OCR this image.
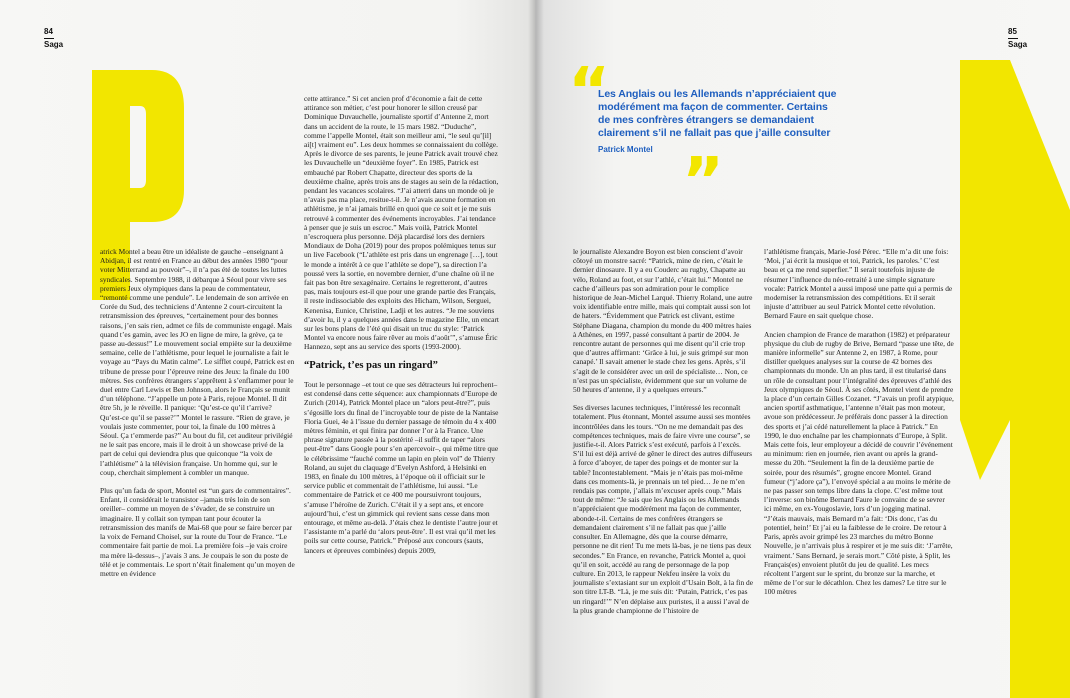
84
Saga

atrick Montel a beau être un idéaliste de gauche –enseignant à Abidjan, il est rentré en France au début des années 1980 “pour voter Mitterrand au pouvoir”–, il n’a pas été de toutes les luttes syndicales. Septembre 1988, il débarque à Séoul pour vivre ses premiers Jeux olympiques dans la peau de commentateur, “remonté comme une pendule”. Le lendemain de son arrivée en Corée du Sud, des techniciens d’Antenne 2 court-circuitent la retransmission des épreuves, “certainement pour des bonnes raisons, j’en sais rien, admet ce fils de communiste engagé. Mais quand t’es gamin, avec les JO en ligne de mire, la grève, ça te passe au-dessus!” Le mouvement social empiète sur la deuxième semaine, celle de l’athlétisme, pour lequel le journaliste a fait le voyage au “Pays du Matin calme”. Le sifflet coupé, Patrick est en tribune de presse pour l’épreuve reine des Jeux: la finale du 100 mètres. Ses confrères étrangers s’apprêtent à s’enflammer pour le duel entre Carl Lewis et Ben Johnson, alors le Français se munit d’un téléphone. “J’appelle un pote à Paris, rejoue Montel. Il dit être 5h, je le réveille. Il panique: ‘Qu’est-ce qu’il t’arrive? Qu’est-ce qu’il se passe?’” Montel le rassure. “Rien de grave, je voulais juste commenter, pour toi, la finale du 100 mètres à Séoul. Ça t’emmerde pas?” Au bout du fil, cet auditeur privilégié ne le sait pas encore, mais il le droit à un showcase privé de la part de celui qui deviendra plus que quiconque “la voix de l’athlétisme” à la télévision française. Un homme qui, sur le coup, cherchait simplement à combler un manque.

Plus qu’un fada de sport, Montel est “un gars de commentaires”. Enfant, il considérait le transistor –jamais très loin de son oreiller– comme un moyen de s’évader, de se construire un imaginaire. Il y collait son tympan tant pour écouter la retransmission des manifs de Mai-68 que pour se faire bercer par la voix de Fernand Choisel, sur la route du Tour de France. “Le commentaire fait partie de moi. La première fois –je vais croire ma mère là-dessus–, j’avais 3 ans. Je coupais le son du poste de télé et je commentais. Le sport n’était finalement qu’un moyen de mettre en évidence

cette attirance.” Si cet ancien prof d’économie a fait de cette attirance son métier, c’est pour honorer le sillon creusé par Dominique Duvauchelle, journaliste sportif d’Antenne 2, mort dans un accident de la route, le 15 mars 1982. “Duduche”, comme l’appelle Montel, était son meilleur ami, “le seul qu’[il] ai[t] vraiment eu”. Les deux hommes se connaissaient du collège. Après le divorce de ses parents, le jeune Patrick avait trouvé chez les Duvauchelle un “deuxième foyer”. En 1985, Patrick est embauché par Robert Chapatte, directeur des sports de la deuxième chaîne, après trois ans de stages au sein de la rédaction, pendant les vacances scolaires. “J’ai atterri dans un monde où je n’avais pas ma place, resitue-t-il. Je n’avais aucune formation en athlétisme, je n’ai jamais brillé en quoi que ce soit et je me suis retrouvé à commenter des événements incroyables. J’ai tendance à penser que je suis un escroc.” Mais voilà, Patrick Montel n’escroquera plus personne. Déjà placardisé lors des derniers Mondiaux de Doha (2019) pour des propos polémiques tenus sur un live Facebook (“L’athlète est pris dans un engrenage […], tout le monde a intérêt à ce que l’athlète se dope”), sa direction l’a poussé vers la sortie, en novembre dernier, d’une chaîne où il ne fait pas bon être sexagénaire. Certains le regretteront, d’autres pas, mais toujours est-il que pour une grande partie des Français, il reste indissociable des exploits des Hicham, Wilson, Serguei, Kenenisa, Eunice, Christine, Ladji et les autres. “Je me souviens d’avoir lu, il y a quelques années dans le magazine Elle, un encart sur les bons plans de l’été qui disait un truc du style: ‘Patrick Montel va encore nous faire rêver au mois d’août’”, s’amuse Éric Hannezo, sept ans au service des sports (1993-2000).

“Patrick, t’es pas un ringard”

Tout le personnage –et tout ce que ses détracteurs lui reprochent– est condensé dans cette séquence: aux championnats d’Europe de Zurich (2014), Patrick Montel place un “alors peut-être?”, puis s’égosille lors du final de l’incroyable tour de piste de la Nantaise Floria Guei, 4e à l’issue du dernier passage de témoin du 4 x 400 mètres féminin, et qui finira par donner l’or à la France. Une phrase signature passée à la postérité –il suffit de taper “alors peut-être” dans Google pour s’en apercevoir–, qui même titre que le célébrissime “fauché comme un lapin en plein vol” de Thierry Roland, au sujet du claquage d’Evelyn Ashford, à Helsinki en 1983, en finale du 100 mètres, à l’époque où il officiait sur le service public et commentait de l’athlétisme, lui aussi. “Le commentaire de Patrick et ce 400 me poursuivront toujours, s’amuse l’héroïne de Zurich. C’était il y a sept ans, et encore aujourd’hui, c’est un gimmick qui revient sans cesse dans mon entourage, et même au-delà. J’étais chez le dentiste l’autre jour et l’assistante m’a parlé du ‘alors peut-être’. Il est vrai qu’il met les poils sur cette course, Patrick.” Préposé aux concours (sauts, lancers et épreuves combinées) depuis 2009,

85
Saga
“
Les Anglais ou les Allemands n’appréciaient que modérément ma façon de commenter. Certains de mes confrères étrangers se demandaient clairement s’il ne fallait pas que j’aille consulter
Patrick Montel ”

le journaliste Alexandre Boyon est bien conscient d’avoir côtoyé un monstre sacré: “Patrick, mine de rien, c’était le dernier dinosaure. Il y a eu Couderc au rugby, Chapatte au vélo, Roland au foot, et sur l’athlé, c’était lui.” Montel ne cache d’ailleurs pas son admiration pour le complice historique de Jean-Michel Larqué. Thierry Roland, une autre voix identifiable entre mille, mais qui comptait aussi son lot de haters. “Évidemment que Patrick est clivant, estime Stéphane Diagana, champion du monde du 400 mètres haies à Athènes, en 1997, passé consultant à partir de 2004. Je rencontre autant de personnes qui me disent qu’il crie trop que d’autres affirmant: ‘Grâce à lui, je suis grimpé sur mon canapé.’ Il savait amener le stade chez les gens. Après, s’il s’agit de le considérer avec un œil de spécialiste… Non, ce n’est pas un spécialiste, évidemment que sur un volume de 50 heures d’antenne, il y a quelques erreurs.”

Ses diverses lacunes techniques, l’intéressé les reconnaît totalement. Plus étonnant, Montel assume aussi ses montées incontrôlées dans les tours. “On ne me demandait pas des compétences techniques, mais de faire vivre une course”, se justifie-t-il. Alors Patrick s’est exécuté, parfois à l’excès. S’il lui est déjà arrivé de gêner le direct des autres diffuseurs à force d’aboyer, de taper des poings et de monter sur la table? Incontestablement. “Mais je n’étais pas moi-même dans ces moments-là, je prennais un tel pied… Je ne m’en rendais pas compte, j’allais m’excuser après coup.” Mais tout de même: “Je sais que les Anglais ou les Allemands n’appréciaient que modérément ma façon de commenter, abonde-t-il. Certains de mes confrères étrangers se demandaient clairement s’il ne fallait pas que j’aille consulter. En Allemagne, dès que la course démarre, personne ne dit rien! Tu me mets là-bas, je ne tiens pas deux secondes.” En France, en revanche, Patrick Montel a, quoi qu’il en soit, accédé au rang de personnage de la pop culture. En 2013, le rappeur Nekfeu insère la voix du journaliste s’extasiant sur un exploit d’Usain Bolt, à la fin de son titre LT-B. “Là, je me suis dit: ‘Putain, Patrick, t’es pas un ringard!’” N’en déplaise aux puristes, il a aussi l’aval de la plus grande championne de l’histoire de

l’athlétisme français, Marie-José Pérec. “Elle m’a dit une fois: ‘Moi, j’ai écrit la musique et toi, Patrick, les paroles.’ C’est beau et ça me rend superfier.” Il serait toutefois injuste de résumer l’influence du néo-retraité à une simple signature vocale: Patrick Montel a aussi imposé une patte qui a permis de moderniser la retransmission des compétitions. Et il serait injuste d’attribuer au seul Patrick Montel cette révolution. Bernard Faure en sait quelque chose.

Ancien champion de France de marathon (1982) et préparateur physique du club de rugby de Brive, Bernard “passe une tête, de manière informelle” sur Antenne 2, en 1987, à Rome, pour distiller quelques analyses sur la course de 42 bornes des championnats du monde. Un an plus tard, il est titularisé dans un rôle de consultant pour l’intégralité des épreuves d’athlé des Jeux olympiques de Séoul. À ses côtés, Montel vient de prendre la place d’un certain Gilles Cozanet. “J’avais un profil atypique, ancien sportif asthmatique, l’antenne n’était pas mon moteur, avoue son prédécesseur. Je préférais donc passer à la direction des sports et j’ai cédé naturellement la place à Patrick.” En 1990, le duo enchaîne par les championnats d’Europe, à Split. Mais cette fois, leur employeur a décidé de couvrir l’événement au minimum: rien en journée, rien avant ou après la grand-messe du 20h. “Seulement la fin de la deuxième partie de soirée, pour des résumés”, grogne encore Montel. Grand fumeur (“j’adore ça”), l’envoyé spécial a au moins le mérite de ne pas passer son temps libre dans la clope. C’est même tout l’inverse: son binôme Bernard Faure le convainc de se sevrer ici même, en ex-Yougoslavie, lors d’un jogging matinal. “J’étais mauvais, mais Bernard m’a fait: ‘Dis donc, t’as du potentiel, hein!’ Et j’ai eu la faiblesse de le croire. De retour à Paris, après avoir grimpé les 23 marches du métro Bonne Nouvelle, je n’arrivais plus à respirer et je me suis dit: ‘J’arrête, vraiment.’ Sans Bernard, je serais mort.” Côté piste, à Split, les Français(es) envoient plutôt du jeu de qualité. Les mecs récoltent l’argent sur le sprint, du bronze sur la marche, et même de l’or sur le décathlon. Chez les dames? Le titre sur le 100 mètres
